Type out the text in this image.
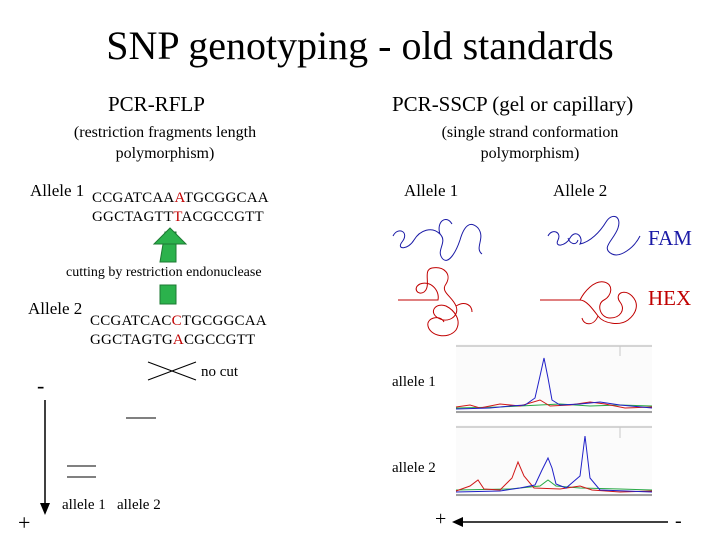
SNP genotyping - old standards
PCR-RFLP
(restriction fragments length
polymorphism)
PCR-SSCP (gel or capillary)
(single strand conformation
polymorphism)
Allele 1 CCGATCAAATGCGGCAA
GGCTAGTTTACGCCGTT
cutting by restriction endonuclease
Allele 2
CCGATCACCTGCGGCAA
GGCTAGTGACGCCGTT
no cut
-
+
allele 1   allele 2
Allele 1	Allele 2
FAM
HEX
allele 1
allele 2
+	-
